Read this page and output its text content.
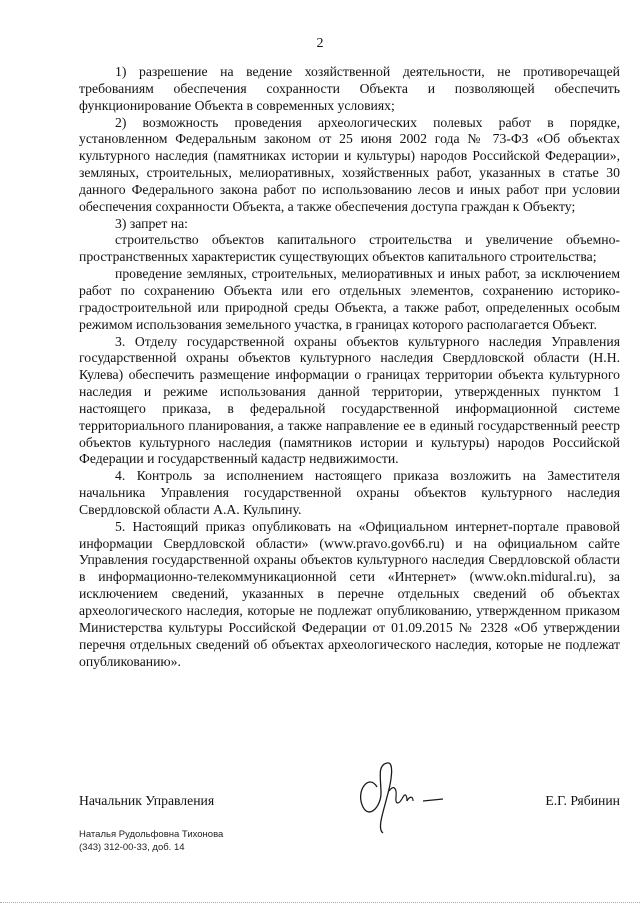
2

1) разрешение на ведение хозяйственной деятельности, не противоречащей требованиям обеспечения сохранности Объекта и позволяющей обеспечить функционирование Объекта в современных условиях;

2) возможность проведения археологических полевых работ в порядке, установленном Федеральным законом от 25 июня 2002 года № 73-ФЗ «Об объектах культурного наследия (памятниках истории и культуры) народов Российской Федерации», земляных, строительных, мелиоративных, хозяйственных работ, указанных в статье 30 данного Федерального закона работ по использованию лесов и иных работ при условии обеспечения сохранности Объекта, а также обеспечения доступа граждан к Объекту;

3) запрет на:

строительство объектов капитального строительства и увеличение объемно-пространственных характеристик существующих объектов капитального строительства;

проведение земляных, строительных, мелиоративных и иных работ, за исключением работ по сохранению Объекта или его отдельных элементов, сохранению историко-градостроительной или природной среды Объекта, а также работ, определенных особым режимом использования земельного участка, в границах которого располагается Объект.

3. Отделу государственной охраны объектов культурного наследия Управления государственной охраны объектов культурного наследия Свердловской области (Н.Н. Кулева) обеспечить размещение информации о границах территории объекта культурного наследия и режиме использования данной территории, утвержденных пунктом 1 настоящего приказа, в федеральной государственной информационной системе территориального планирования, а также направление ее в единый государственный реестр объектов культурного наследия (памятников истории и культуры) народов Российской Федерации и государственный кадастр недвижимости.

4. Контроль за исполнением настоящего приказа возложить на Заместителя начальника Управления государственной охраны объектов культурного наследия Свердловской области А.А. Кульпину.

5. Настоящий приказ опубликовать на «Официальном интернет-портале правовой информации Свердловской области» (www.pravo.gov66.ru) и на официальном сайте Управления государственной охраны объектов культурного наследия Свердловской области в информационно-телекоммуникационной сети «Интернет» (www.okn.midural.ru), за исключением сведений, указанных в перечне отдельных сведений об объектах археологического наследия, которые не подлежат опубликованию, утвержденном приказом Министерства культуры Российской Федерации от 01.09.2015 № 2328 «Об утверждении перечня отдельных сведений об объектах археологического наследия, которые не подлежат опубликованию».

Начальник Управления	Е.Г. Рябинин
Наталья Рудольфовна Тихонова
(343) 312-00-33, доб. 14
